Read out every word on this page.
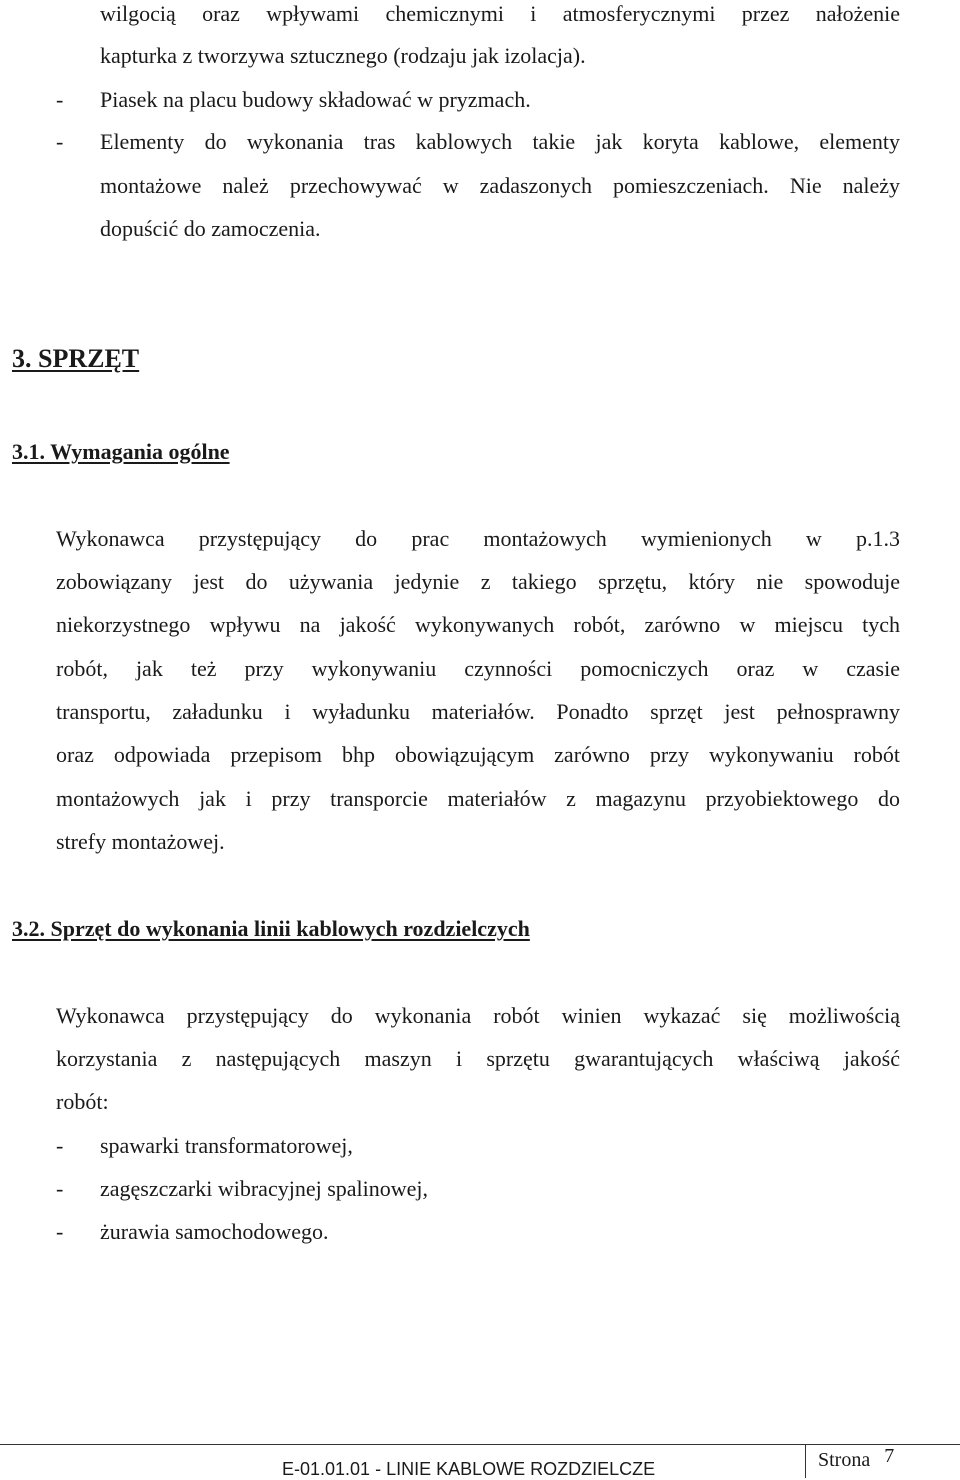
wilgocią oraz wpływami chemicznymi i atmosferycznymi przez nałożenie
kapturka z tworzywa sztucznego (rodzaju jak izolacja).
- Piasek na placu budowy składować w pryzmach.
- Elementy do wykonania tras kablowych takie jak koryta kablowe, elementy
montażowe należ przechowywać w zadaszonych pomieszczeniach. Nie należy
dopuścić do zamoczenia.
3. SPRZĘT
3.1. Wymagania ogólne
Wykonawca przystępujący do prac montażowych wymienionych w p.1.3
zobowiązany jest do używania jedynie z takiego sprzętu, który nie spowoduje
niekorzystnego wpływu na jakość wykonywanych robót, zarówno w miejscu tych
robót, jak też przy wykonywaniu czynności pomocniczych oraz w czasie
transportu, załadunku i wyładunku materiałów. Ponadto sprzęt jest pełnosprawny
oraz odpowiada przepisom bhp obowiązującym zarówno przy wykonywaniu robót
montażowych jak i przy transporcie materiałów z magazynu przyobiektowego do
strefy montażowej.
3.2. Sprzęt do wykonania linii kablowych rozdzielczych
Wykonawca przystępujący do wykonania robót winien wykazać się możliwością
korzystania z następujących maszyn i sprzętu gwarantujących właściwą jakość
robót:
- spawarki transformatorowej,
- zagęszczarki wibracyjnej spalinowej,
- żurawia samochodowego.
E-01.01.01 - LINIE KABLOWE ROZDZIELCZE	Strona 7
